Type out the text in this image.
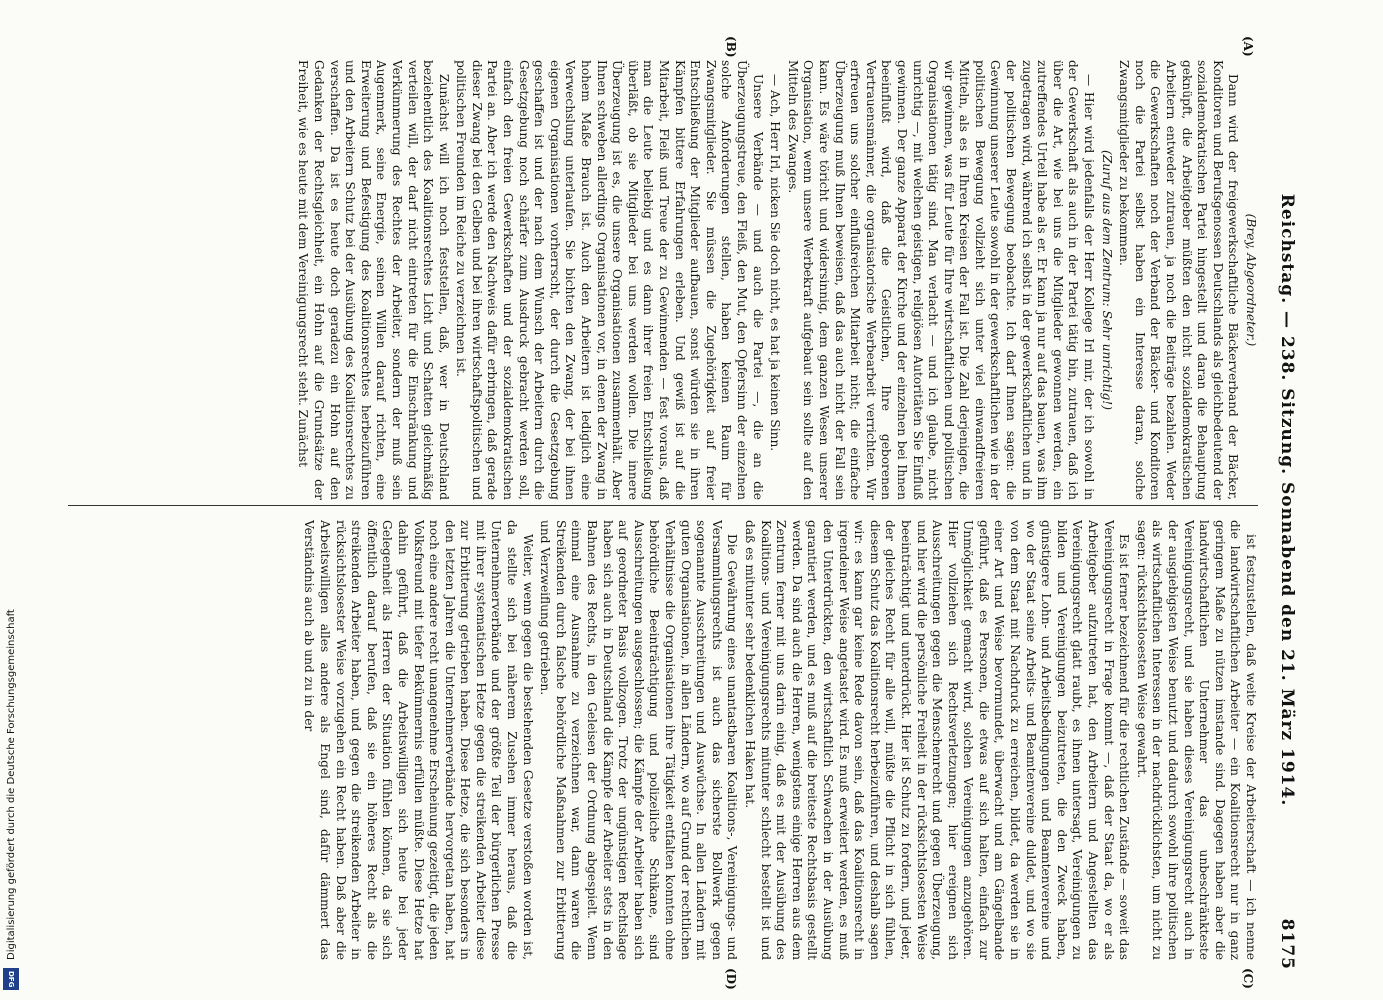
Reichstag. — 238. Sitzung. Sonnabend den 21. März 1914.
8175
(A)
(B)
(C)
(D)

(Brey, Abgeordneter.)

Dann wird der freigewerkschaftliche Bäckerverband der Bäcker, Konditoren und Berufsgenossen Deutschlands als gleichbedeutend der sozialdemokratischen Partei hingestellt und daran die Behauptung geknüpft, die Arbeitgeber müßten den nicht sozialdemokratischen Arbeitern entweder zutrauen, ja noch die Beiträge bezahlen. Weder die Gewerkschaften noch der Verband der Bäcker- und Konditoren noch die Partei selbst haben ein Interesse daran, solche Zwangsmitglieder zu bekommen.

(Zuruf aus dem Zentrum: Sehr unrichtig!)

— Hier wird jedenfalls der Herr Kollege Irl mir, der ich sowohl in der Gewerkschaft als auch in der Partei tätig bin, zutrauen, daß ich über die Art, wie bei uns die Mitglieder gewonnen werden, ein zutreffendes Urteil habe als er. Er kann ja nur auf das bauen, was ihm zugetragen wird, während ich selbst in der gewerkschaftlichen und in der politischen Bewegung beobachte. Ich darf Ihnen sagen: die Gewinnung unserer Leute sowohl in der gewerkschaftlichen wie in der politischen Bewegung vollzieht sich unter viel einwandfreieren Mitteln, als es in Ihren Kreisen der Fall ist. Die Zahl derjenigen, die wir gewinnen, was für Leute für Ihre wirtschaftlichen und politischen Organisationen tätig sind. Man verlacht — und ich glaube, nicht unrichtig —, mit welchen geistigen, religiösen Autoritäten Sie Einfluß gewinnen. Der ganze Apparat der Kirche und der einzelnen bei Ihnen beeinflußt wird, daß die Geistlichen, Ihre geborenen Vertrauensmänner, die organisatorische Werbearbeit verrichten. Wir erfreuen uns solcher einflußreichen Mitarbeit nicht; die einfache Überzeugung muß Ihnen beweisen, daß das auch nicht der Fall sein kann. Es wäre töricht und widersinnig, dem ganzen Wesen unserer Organisation, wenn unsere Werbekraft aufgebaut sein sollte auf den Mitteln des Zwanges.

— Ach, Herr Irl, nicken Sie doch nicht, es hat ja keinen Sinn.

Unsere Verbände — und auch die Partei —, die an die Überzeugungstreue, den Fleiß, den Mut, den Opfersinn der einzelnen solche Anforderungen stellen, haben keinen Raum für Zwangsmitglieder. Sie müssen die Zugehörigkeit auf freier Entschließung der Mitglieder aufbauen, sonst würden sie in ihren Kämpfen bittere Erfahrungen erleben. Und gewiß ist auf die Mitarbeit, Fleiß und Treue der zu Gewinnenden — fest voraus, daß man die Leute beliebig und es dann ihrer freien Entschließung überläßt, ob sie Mitglieder bei uns werden wollen. Die innere Überzeugung ist es, die unsere Organisationen zusammenhält. Aber Ihnen schweben allerdings Organisationen vor, in denen der Zwang in hohem Maße Brauch ist. Auch den Arbeitern ist lediglich eine Verwechslung unterlaufen. Sie bichten den Zwang, der bei ihnen eigenen Organisationen vorherrscht, der durch die Gesetzgebung geschaffen ist und der nach dem Wunsch der Arbeitern durch die Gesetzgebung noch schärfer zum Ausdruck gebracht werden soll, einfach den freien Gewerkschaften und der sozialdemokratischen Partei an. Aber ich werde den Nachweis dafür erbringen, daß gerade dieser Zwang bei den Gelben und bei ihren wirtschaftspolitischen und politischen Freunden im Reiche zu verzeichnen ist.

Zunächst will ich noch feststellen, daß, wer in Deutschland beziehentlich des Koalitionsrechtes Licht und Schatten gleichmäßig verteilen will, der darf nicht eintreten für die Einschränkung und Verkümmerung des Rechtes der Arbeiter, sondern der muß sein Augenmerk, seine Energie, seinen Willen darauf richten, eine Erweiterung und Befestigung des Koalitionsrechtes herbeizuführen und den Arbeitern Schutz bei der Ausübung des Koalitionsrechtes zu verschaffen. Da ist es heute doch geradezu ein Hohn auf den Gedanken der Rechtsgleichheit, ein Hohn auf die Grundsätze der Freiheit, wie es heute mit dem Vereinigungsrecht steht. Zunächst

ist festzustellen, daß weite Kreise der Arbeiterschaft — ich nenne die landwirtschaftlichen Arbeiter — ein Koalitionsrecht nur in ganz geringem Maße zu nützen imstande sind. Dagegen haben aber die landwirtschaftlichen Unternehmer das unbeschränkteste Vereinigungsrecht, und sie haben dieses Vereinigungsrecht auch in der ausgiebigsten Weise benutzt und dadurch sowohl ihre politischen als wirtschaftlichen Interessen in der nachdrücklichsten, um nicht zu sagen: rücksichtslosesten Weise gewahrt.

Es ist ferner bezeichnend für die rechtlichen Zustände — soweit das Vereinigungsrecht in Frage kommt —, daß der Staat da, wo er als Arbeitgeber aufzutreten hat, den Arbeitern und Angestellten das Vereinigungsrecht glatt raubt, es ihnen untersagt, Vereinigungen zu bilden und Vereinigungen beizutreten, die den Zweck haben, günstigere Lohn- und Arbeitsbedingungen und Beamtenvereine und wo der Staat seine Arbeits- und Beamtenvereine duldet, und wo sie von dem Staat mit Nachdruck zu erreichen, bildet, da werden sie in einer Art und Weise bevormundet, überwacht und am Gängelbande geführt, daß es Personen, die etwas auf sich halten, einfach zur Unmöglichkeit gemacht wird, solchen Vereinigungen anzugehören. Hier vollziehen sich Rechtsverletzungen; hier ereignen sich Ausschreitungen gegen die Menschenrecht und gegen Überzeugung, und hier wird die persönliche Freiheit in der rücksichtslosesten Weise beeinträchtigt und unterdrückt. Hier ist Schutz zu fordern, und jeder, der gleiches Recht für alle will, müßte die Pflicht in sich fühlen, diesem Schutz das Koalitionsrecht herbeizuführen, und deshalb sagen wir: es kann gar keine Rede davon sein, daß das Koalitionsrecht in irgendeiner Weise angetastet wird. Es muß erweitert werden, es muß den Unterdrückten, den wirtschaftlich Schwachen in der Ausübung garantiert werden, und es muß auf die breiteste Rechtsbasis gestellt werden. Da sind auch die Herren, wenigstens einige Herren aus dem Zentrum ferner mit uns darin einig, daß es mit der Ausübung des Koalitions- und Vereinigungsrechts mitunter schlecht bestellt ist und daß es mitunter sehr bedenklichen Haken hat.

Die Gewährung eines unantastbaren Koalitions-, Vereinigungs- und Versammlungsrechts ist auch das sicherste Bollwerk gegen sogenannte Ausschreitungen und Auswüchse. In allen Ländern mit guten Organisationen, in allen Ländern, wo auf Grund der rechtlichen Verhältnisse die Organisationen ihre Tätigkeit entfalten konnten ohne behördliche Beeinträchtigung und polizeiliche Schikane, sind Ausschreitungen ausgeschlossen; die Kämpfe der Arbeiter haben sich auf geordneter Basis vollzogen. Trotz der ungünstigen Rechtslage haben sich auch in Deutschland die Kämpfe der Arbeiter stets in den Bahnen des Rechts, in den Geleisen der Ordnung abgespielt. Wenn einmal eine Ausnahme zu verzeichnen war, dann waren die Streikenden durch falsche behördliche Maßnahmen zur Erbitterung und Verzweiflung getrieben.

Weiter, wenn gegen die bestehenden Gesetze verstoßen worden ist, da stellte sich bei näherem Zusehen immer heraus, daß die Unternehmerverbände und der größte Teil der bürgerlichen Presse mit ihrer systematischen Hetze gegen die streikenden Arbeiter diese zur Erbitterung getrieben haben. Diese Hetze, die sich besonders in den letzten Jahren die Unternehmerverbände hervorgetan haben, hat noch eine andere recht unangenehme Erscheinung gezeitigt, die jeden Volksfreund mit tiefer Bekümmernis erfüllen müßte. Diese Hetze hat dahin geführt, daß die Arbeitswilligen sich heute bei jeder Gelegenheit als Herren der Situation fühlen können, da sie sich öffentlich darauf berufen, daß sie ein höheres Recht als die streikenden Arbeiter haben, und gegen die streikenden Arbeiter in rücksichtslosester Weise vorzugehen ein Recht haben. Daß aber die Arbeitswilligen alles andere als Engel sind, dafür dämmert das Verständnis auch ab und zu in der

Digitalisierung gefördert durch die Deutsche Forschungsgemeinschaft
DFG
